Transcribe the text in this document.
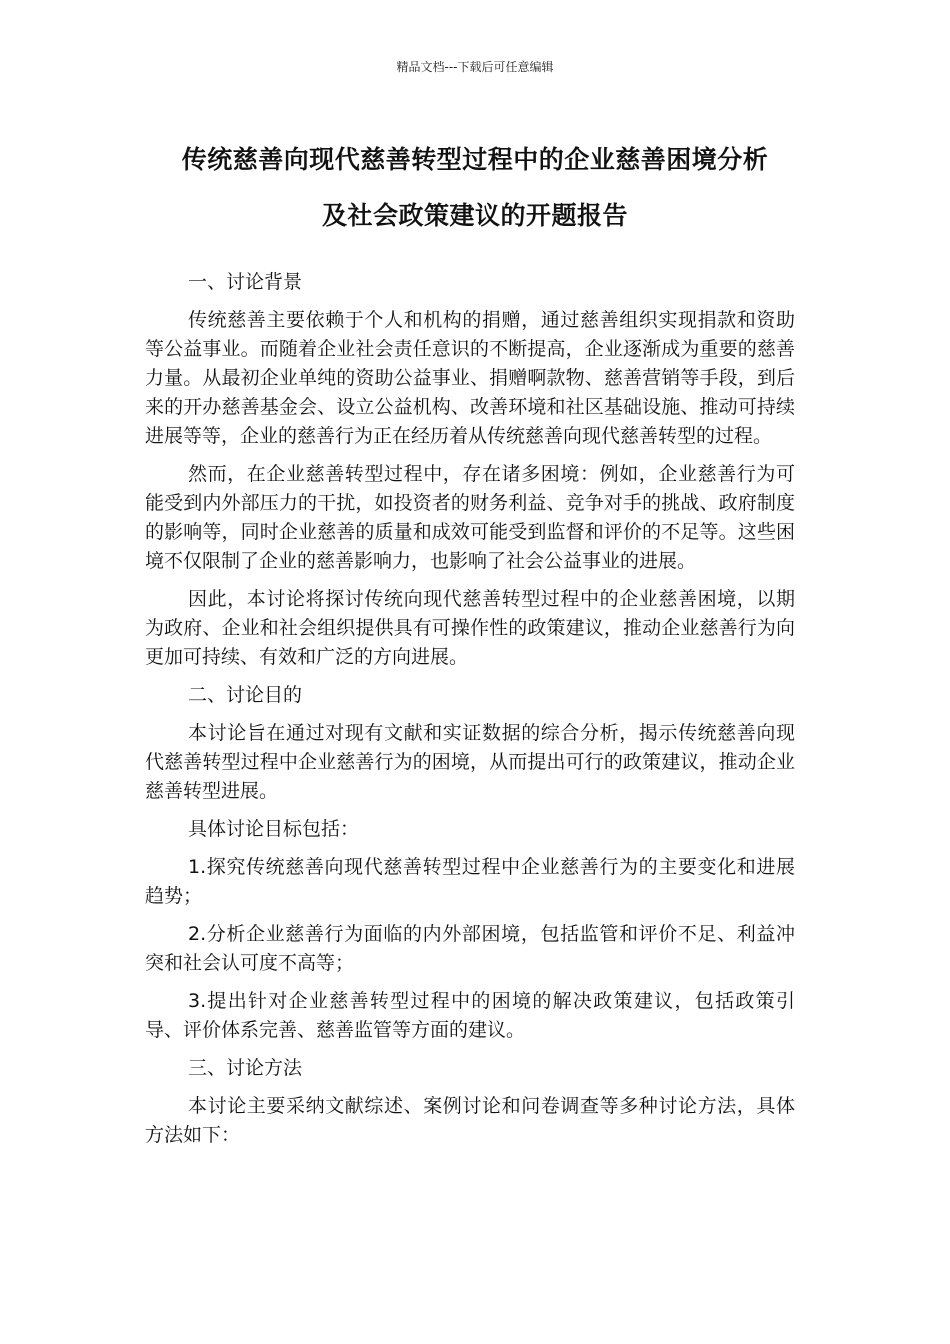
精品文档---下载后可任意编辑
传统慈善向现代慈善转型过程中的企业慈善困境分析
及社会政策建议的开题报告
一、讨论背景

传统慈善主要依赖于个人和机构的捐赠，通过慈善组织实现捐款和资助等公益事业。而随着企业社会责任意识的不断提高，企业逐渐成为重要的慈善力量。从最初企业单纯的资助公益事业、捐赠啊款物、慈善营销等手段，到后来的开办慈善基金会、设立公益机构、改善环境和社区基础设施、推动可持续进展等等，企业的慈善行为正在经历着从传统慈善向现代慈善转型的过程。

然而，在企业慈善转型过程中，存在诸多困境：例如，企业慈善行为可能受到内外部压力的干扰，如投资者的财务利益、竞争对手的挑战、政府制度的影响等，同时企业慈善的质量和成效可能受到监督和评价的不足等。这些困境不仅限制了企业的慈善影响力，也影响了社会公益事业的进展。

因此，本讨论将探讨传统向现代慈善转型过程中的企业慈善困境，以期为政府、企业和社会组织提供具有可操作性的政策建议，推动企业慈善行为向更加可持续、有效和广泛的方向进展。

二、讨论目的

本讨论旨在通过对现有文献和实证数据的综合分析，揭示传统慈善向现代慈善转型过程中企业慈善行为的困境，从而提出可行的政策建议，推动企业慈善转型进展。

具体讨论目标包括：

1.探究传统慈善向现代慈善转型过程中企业慈善行为的主要变化和进展趋势；

2.分析企业慈善行为面临的内外部困境，包括监管和评价不足、利益冲突和社会认可度不高等；

3.提出针对企业慈善转型过程中的困境的解决政策建议，包括政策引导、评价体系完善、慈善监管等方面的建议。

三、讨论方法

本讨论主要采纳文献综述、案例讨论和问卷调查等多种讨论方法，具体方法如下：
